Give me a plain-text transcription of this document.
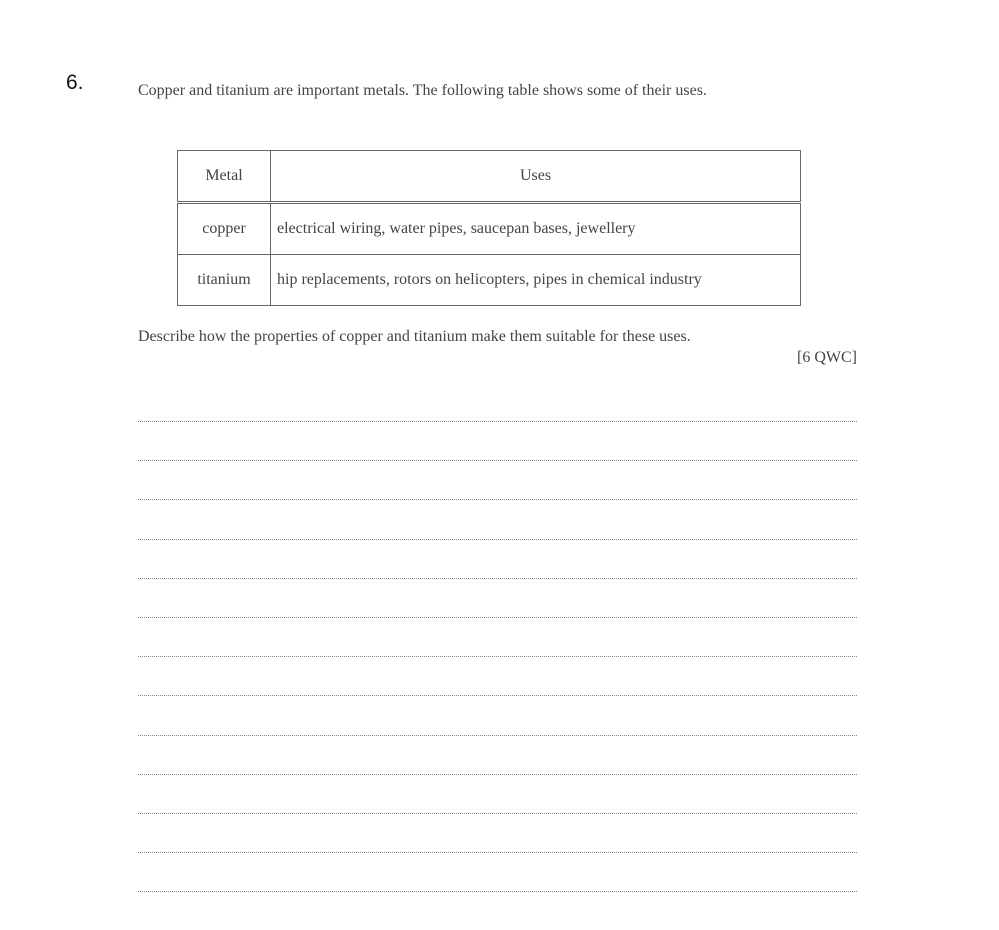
6.	Copper and titanium are important metals. The following table shows some of their uses.
Metal	Uses
copper	electrical wiring, water pipes, saucepan bases, jewellery
titanium	hip replacements, rotors on helicopters, pipes in chemical industry
Describe how the properties of copper and titanium make them suitable for these uses.
[6 QWC]
